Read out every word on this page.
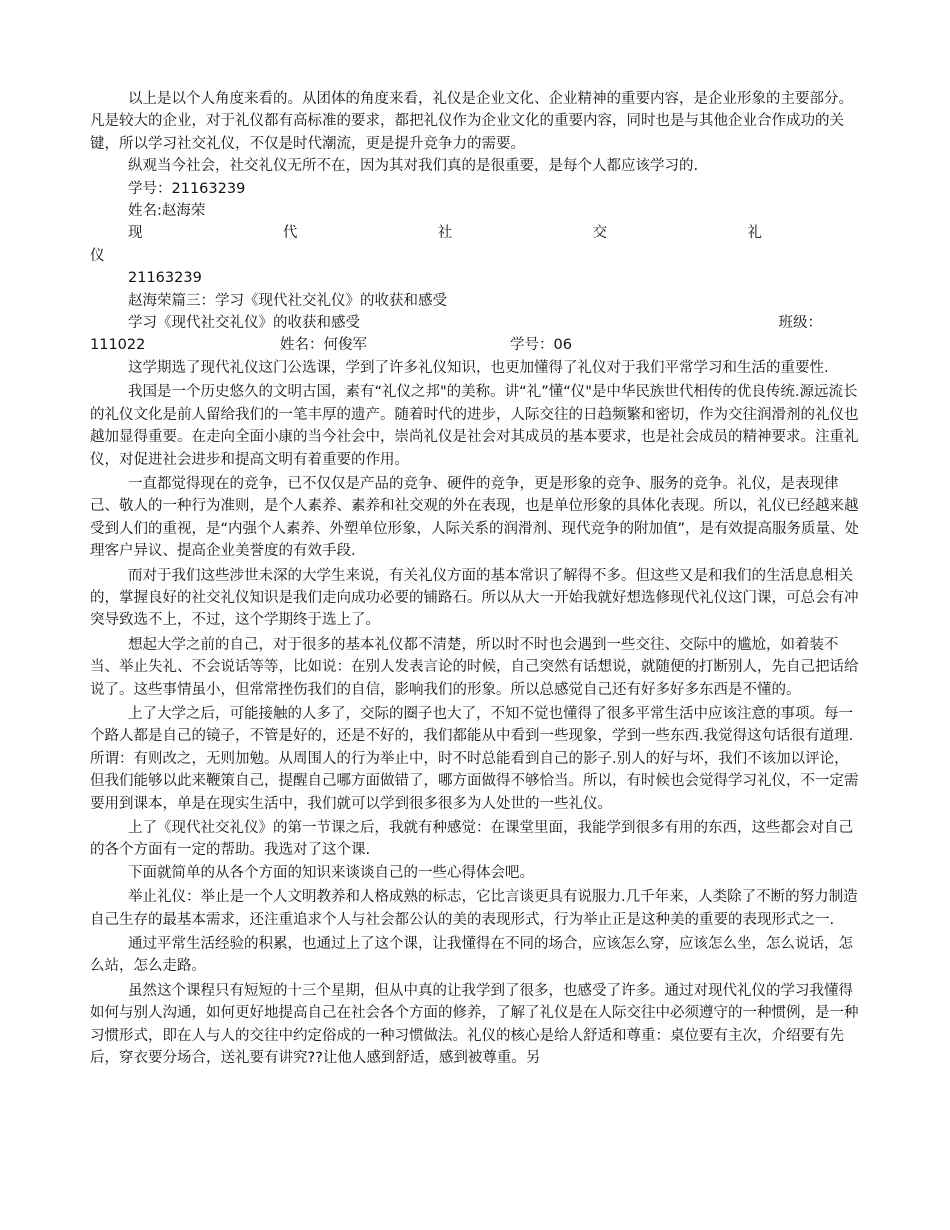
以上是以个人角度来看的。从团体的角度来看，礼仪是企业文化、企业精神的重要内容，是企业形象的主要部分。凡是较大的企业，对于礼仪都有高标准的要求，都把礼仪作为企业文化的重要内容，同时也是与其他企业合作成功的关键，所以学习社交礼仪，不仅是时代潮流，更是提升竞争力的需要。

纵观当今社会，社交礼仪无所不在，因为其对我们真的是很重要，是每个人都应该学习的.

学号：21163239

姓名:赵海荣

现	代	社	交	礼

仪

21163239

赵海荣篇三：学习《现代社交礼仪》的收获和感受

学习《现代社交礼仪》的收获和感受	班级：

111022	姓名：何俊军	学号：06

这学期选了现代礼仪这门公选课，学到了许多礼仪知识，也更加懂得了礼仪对于我们平常学习和生活的重要性.

我国是一个历史悠久的文明古国，素有“礼仪之邦"的美称。讲“礼”懂“仪"是中华民族世代相传的优良传统.源远流长的礼仪文化是前人留给我们的一笔丰厚的遗产。随着时代的进步，人际交往的日趋频繁和密切，作为交往润滑剂的礼仪也越加显得重要。在走向全面小康的当今社会中，崇尚礼仪是社会对其成员的基本要求，也是社会成员的精神要求。注重礼仪，对促进社会进步和提高文明有着重要的作用。

一直都觉得现在的竞争，已不仅仅是产品的竞争、硬件的竞争，更是形象的竞争、服务的竞争。礼仪，是表现律己、敬人的一种行为准则，是个人素养、素养和社交观的外在表现，也是单位形象的具体化表现。所以，礼仪已经越来越受到人们的重视，是“内强个人素养、外塑单位形象，人际关系的润滑剂、现代竞争的附加值”，是有效提高服务质量、处理客户异议、提高企业美誉度的有效手段.

而对于我们这些涉世未深的大学生来说，有关礼仪方面的基本常识了解得不多。但这些又是和我们的生活息息相关的，掌握良好的社交礼仪知识是我们走向成功必要的铺路石。所以从大一开始我就好想选修现代礼仪这门课，可总会有冲突导致选不上，不过，这个学期终于选上了。

想起大学之前的自己，对于很多的基本礼仪都不清楚，所以时不时也会遇到一些交往、交际中的尴尬，如着装不当、举止失礼、不会说话等等，比如说：在别人发表言论的时候，自己突然有话想说，就随便的打断别人，先自己把话给说了。这些事情虽小，但常常挫伤我们的自信，影响我们的形象。所以总感觉自己还有好多好多东西是不懂的。

上了大学之后，可能接触的人多了，交际的圈子也大了，不知不觉也懂得了很多平常生活中应该注意的事项。每一个路人都是自己的镜子，不管是好的，还是不好的，我们都能从中看到一些现象，学到一些东西.我觉得这句话很有道理.所谓：有则改之，无则加勉。从周围人的行为举止中，时不时总能看到自己的影子.别人的好与坏，我们不该加以评论，但我们能够以此来鞭策自己，提醒自己哪方面做错了，哪方面做得不够恰当。所以，有时候也会觉得学习礼仪，不一定需要用到课本，单是在现实生活中，我们就可以学到很多很多为人处世的一些礼仪。

上了《现代社交礼仪》的第一节课之后，我就有种感觉：在课堂里面，我能学到很多有用的东西，这些都会对自己的各个方面有一定的帮助。我选对了这个课.

下面就简单的从各个方面的知识来谈谈自己的一些心得体会吧。

举止礼仪：举止是一个人文明教养和人格成熟的标志，它比言谈更具有说服力.几千年来，人类除了不断的努力制造自己生存的最基本需求，还注重追求个人与社会都公认的美的表现形式，行为举止正是这种美的重要的表现形式之一.

通过平常生活经验的积累，也通过上了这个课，让我懂得在不同的场合，应该怎么穿，应该怎么坐，怎么说话，怎么站，怎么走路。

虽然这个课程只有短短的十三个星期，但从中真的让我学到了很多，也感受了许多。通过对现代礼仪的学习我懂得如何与别人沟通，如何更好地提高自己在社会各个方面的修养，了解了礼仪是在人际交往中必须遵守的一种惯例，是一种习惯形式，即在人与人的交往中约定俗成的一种习惯做法。礼仪的核心是给人舒适和尊重：桌位要有主次，介绍要有先后，穿衣要分场合，送礼要有讲究??让他人感到舒适，感到被尊重。另
